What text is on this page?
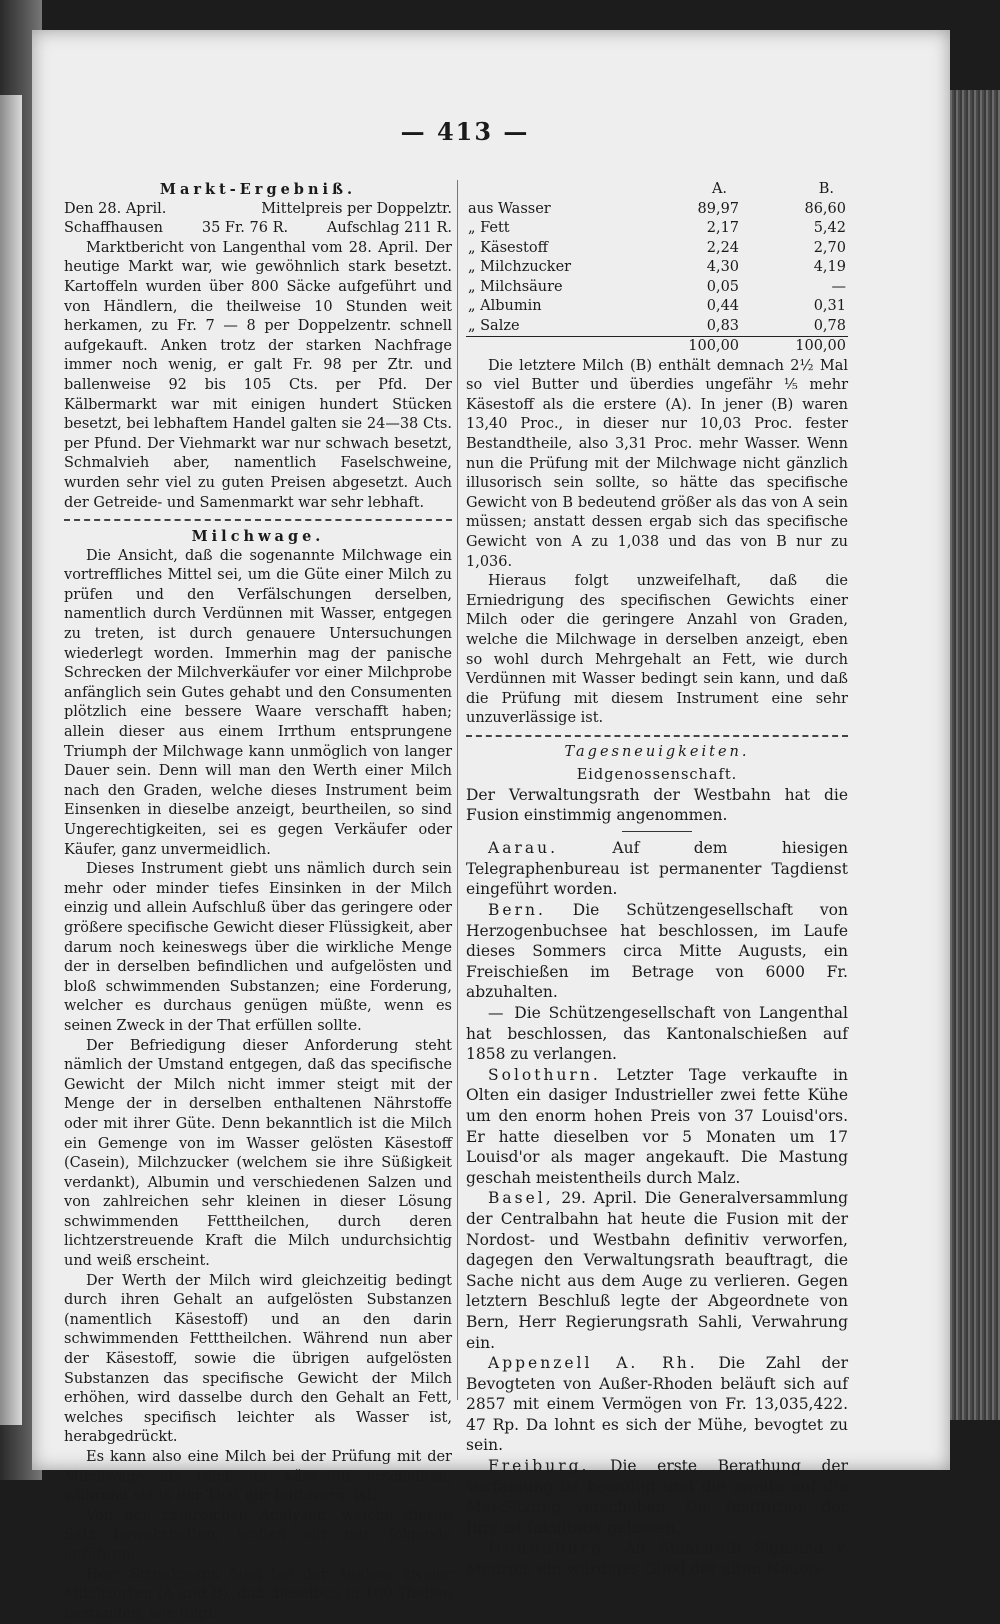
— 413 —

Markt-Ergebniß.

Den 28. April.	Mittelpreis per Doppelztr.
Schaffhausen	35 Fr. 76 R.	Aufschlag 211 R.

Marktbericht von Langenthal vom 28. April. Der heutige Markt war, wie gewöhnlich stark besetzt. Kartoffeln wurden über 800 Säcke aufgeführt und von Händlern, die theilweise 10 Stunden weit herkamen, zu Fr. 7 — 8 per Doppelzentr. schnell aufgekauft. Anken trotz der starken Nachfrage immer noch wenig, er galt Fr. 98 per Ztr. und ballenweise 92 bis 105 Cts. per Pfd. Der Kälbermarkt war mit einigen hundert Stücken besetzt, bei lebhaftem Handel galten sie 24—38 Cts. per Pfund. Der Viehmarkt war nur schwach besetzt, Schmalvieh aber, namentlich Faselschweine, wurden sehr viel zu guten Preisen abgesetzt. Auch der Getreide- und Samenmarkt war sehr lebhaft.

Milchwage.

Die Ansicht, daß die sogenannte Milchwage ein vortreffliches Mittel sei, um die Güte einer Milch zu prüfen und den Verfälschungen derselben, namentlich durch Verdünnen mit Wasser, entgegen zu treten, ist durch genauere Untersuchungen wiederlegt worden. Immerhin mag der panische Schrecken der Milchverkäufer vor einer Milchprobe anfänglich sein Gutes gehabt und den Consumenten plötzlich eine bessere Waare verschafft haben; allein dieser aus einem Irrthum entsprungene Triumph der Milchwage kann unmöglich von langer Dauer sein. Denn will man den Werth einer Milch nach den Graden, welche dieses Instrument beim Einsenken in dieselbe anzeigt, beurtheilen, so sind Ungerechtigkeiten, sei es gegen Verkäufer oder Käufer, ganz unvermeidlich.

Dieses Instrument giebt uns nämlich durch sein mehr oder minder tiefes Einsinken in der Milch einzig und allein Aufschluß über das geringere oder größere specifische Gewicht dieser Flüssigkeit, aber darum noch keineswegs über die wirkliche Menge der in derselben befindlichen und aufgelösten und bloß schwimmenden Substanzen; eine Forderung, welcher es durchaus genügen müßte, wenn es seinen Zweck in der That erfüllen sollte.

Der Befriedigung dieser Anforderung steht nämlich der Umstand entgegen, daß das specifische Gewicht der Milch nicht immer steigt mit der Menge der in derselben enthaltenen Nährstoffe oder mit ihrer Güte. Denn bekanntlich ist die Milch ein Gemenge von im Wasser gelösten Käsestoff (Casein), Milchzucker (welchem sie ihre Süßigkeit verdankt), Albumin und verschiedenen Salzen und von zahlreichen sehr kleinen in dieser Lösung schwimmenden Fetttheilchen, durch deren lichtzerstreuende Kraft die Milch undurchsichtig und weiß erscheint.

Der Werth der Milch wird gleichzeitig bedingt durch ihren Gehalt an aufgelösten Substanzen (namentlich Käsestoff) und an den darin schwimmenden Fetttheilchen. Während nun aber der Käsestoff, sowie die übrigen aufgelösten Substanzen das specifische Gewicht der Milch erhöhen, wird dasselbe durch den Gehalt an Fett, welches specifisch leichter als Wasser ist, herabgedrückt.

Es kann also eine Milch bei der Prüfung mit der Milchwage als reich an Käsestoff erscheinen, während sie in der That nur butterarm ist.

Von den zahlreichen Analysen, welche diesen Satz bewahrheiten, wollen wir nur folgende anführen:

Herr Struckmann fand bei der Analyse zweier Milchsorten (A und B), daß dieselben in 100 Theilen bestanden, wie folgt:

	A.	B.
aus Wasser	89,97	86,60
„ Fett	2,17	5,42
„ Käsestoff	2,24	2,70
„ Milchzucker	4,30	4,19
„ Milchsäure	0,05	—
„ Albumin	0,44	0,31
„ Salze	0,83	0,78
	100,00	100,00

Die letztere Milch (B) enthält demnach 2½ Mal so viel Butter und überdies ungefähr ⅕ mehr Käsestoff als die erstere (A). In jener (B) waren 13,40 Proc., in dieser nur 10,03 Proc. fester Bestandtheile, also 3,31 Proc. mehr Wasser. Wenn nun die Prüfung mit der Milchwage nicht gänzlich illusorisch sein sollte, so hätte das specifische Gewicht von B bedeutend größer als das von A sein müssen; anstatt dessen ergab sich das specifische Gewicht von A zu 1,038 und das von B nur zu 1,036.

Hieraus folgt unzweifelhaft, daß die Erniedrigung des specifischen Gewichts einer Milch oder die geringere Anzahl von Graden, welche die Milchwage in derselben anzeigt, eben so wohl durch Mehrgehalt an Fett, wie durch Verdünnen mit Wasser bedingt sein kann, und daß die Prüfung mit diesem Instrument eine sehr unzuverlässige ist.

Tagesneuigkeiten.

Eidgenossenschaft.

Der Verwaltungsrath der Westbahn hat die Fusion einstimmig angenommen.

Aarau.	Auf dem hiesigen Telegraphenbureau ist permanenter Tagdienst eingeführt worden.

Bern. Die Schützengesellschaft von Herzogenbuchsee hat beschlossen, im Laufe dieses Sommers circa Mitte Augusts, ein Freischießen im Betrage von 6000 Fr. abzuhalten.

— Die Schützengesellschaft von Langenthal hat beschlossen, das Kantonalschießen auf 1858 zu verlangen.

Solothurn. Letzter Tage verkaufte in Olten ein dasiger Industrieller zwei fette Kühe um den enorm hohen Preis von 37 Louisd'ors. Er hatte dieselben vor 5 Monaten um 17 Louisd'or als mager angekauft. Die Mastung geschah meistentheils durch Malz.

Basel, 29. April. Die Generalversammlung der Centralbahn hat heute die Fusion mit der Nordost- und Westbahn definitiv verworfen, dagegen den Verwaltungsrath beauftragt, die Sache nicht aus dem Auge zu verlieren. Gegen letztern Beschluß legte der Abgeordnete von Bern, Herr Regierungsrath Sahli, Verwahrung ein.

Appenzell A. Rh. Die Zahl der Bevogteten von Außer-Rhoden beläuft sich auf 2857 mit einem Vermögen von Fr. 13,035,422. 47 Rp. Da lohnt es sich der Mühe, bevogtet zu sein.

Freiburg. Die erste Berathung der Verfassung ist beendigt und die zweite auf die Mai-Sitzung verschoben. Die Institution der Jury ist fakultativ gelassen.

Neuenburg. Alt Staatsrath Sigmund v. Meuron, ein würdiges Glied der alten Neuen-
